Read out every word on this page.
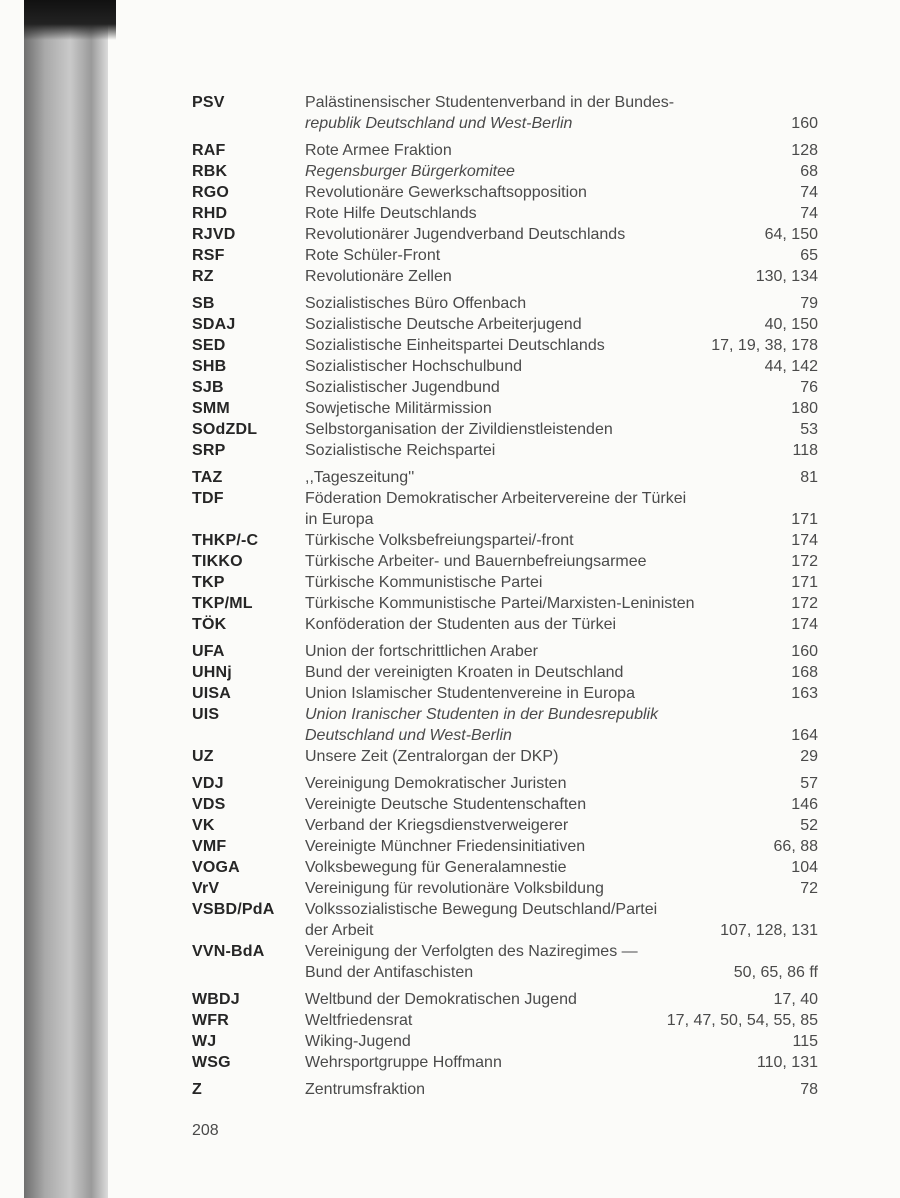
PSV	Palästinensischer Studentenverband in der Bundes-
republik Deutschland und West-Berlin	160
RAF	Rote Armee Fraktion	128
RBK	Regensburger Bürgerkomitee	68
RGO	Revolutionäre Gewerkschaftsopposition	74
RHD	Rote Hilfe Deutschlands	74
RJVD	Revolutionärer Jugendverband Deutschlands	64, 150
RSF	Rote Schüler-Front	65
RZ	Revolutionäre Zellen	130, 134
SB	Sozialistisches Büro Offenbach	79
SDAJ	Sozialistische Deutsche Arbeiterjugend	40, 150
SED	Sozialistische Einheitspartei Deutschlands	17, 19, 38, 178
SHB	Sozialistischer Hochschulbund	44, 142
SJB	Sozialistischer Jugendbund	76
SMM	Sowjetische Militärmission	180
SOdZDL	Selbstorganisation der Zivildienstleistenden	53
SRP	Sozialistische Reichspartei	118
TAZ	,,Tageszeitung''	81
TDF	Föderation Demokratischer Arbeitervereine der Türkei
in Europa	171
THKP/-C	Türkische Volksbefreiungspartei/-front	174
TIKKO	Türkische Arbeiter- und Bauernbefreiungsarmee	172
TKP	Türkische Kommunistische Partei	171
TKP/ML	Türkische Kommunistische Partei/Marxisten-Leninisten	172
TÖK	Konföderation der Studenten aus der Türkei	174
UFA	Union der fortschrittlichen Araber	160
UHNj	Bund der vereinigten Kroaten in Deutschland	168
UISA	Union Islamischer Studentenvereine in Europa	163
UIS	Union Iranischer Studenten in der Bundesrepublik
Deutschland und West-Berlin	164
UZ	Unsere Zeit (Zentralorgan der DKP)	29
VDJ	Vereinigung Demokratischer Juristen	57
VDS	Vereinigte Deutsche Studentenschaften	146
VK	Verband der Kriegsdienstverweigerer	52
VMF	Vereinigte Münchner Friedensinitiativen	66, 88
VOGA	Volksbewegung für Generalamnestie	104
VrV	Vereinigung für revolutionäre Volksbildung	72
VSBD/PdA	Volkssozialistische Bewegung Deutschland/Partei
der Arbeit	107, 128, 131
VVN-BdA	Vereinigung der Verfolgten des Naziregimes —
Bund der Antifaschisten	50, 65, 86 ff
WBDJ	Weltbund der Demokratischen Jugend	17, 40
WFR	Weltfriedensrat	17, 47, 50, 54, 55, 85
WJ	Wiking-Jugend	115
WSG	Wehrsportgruppe Hoffmann	110, 131
Z	Zentrumsfraktion	78
208
